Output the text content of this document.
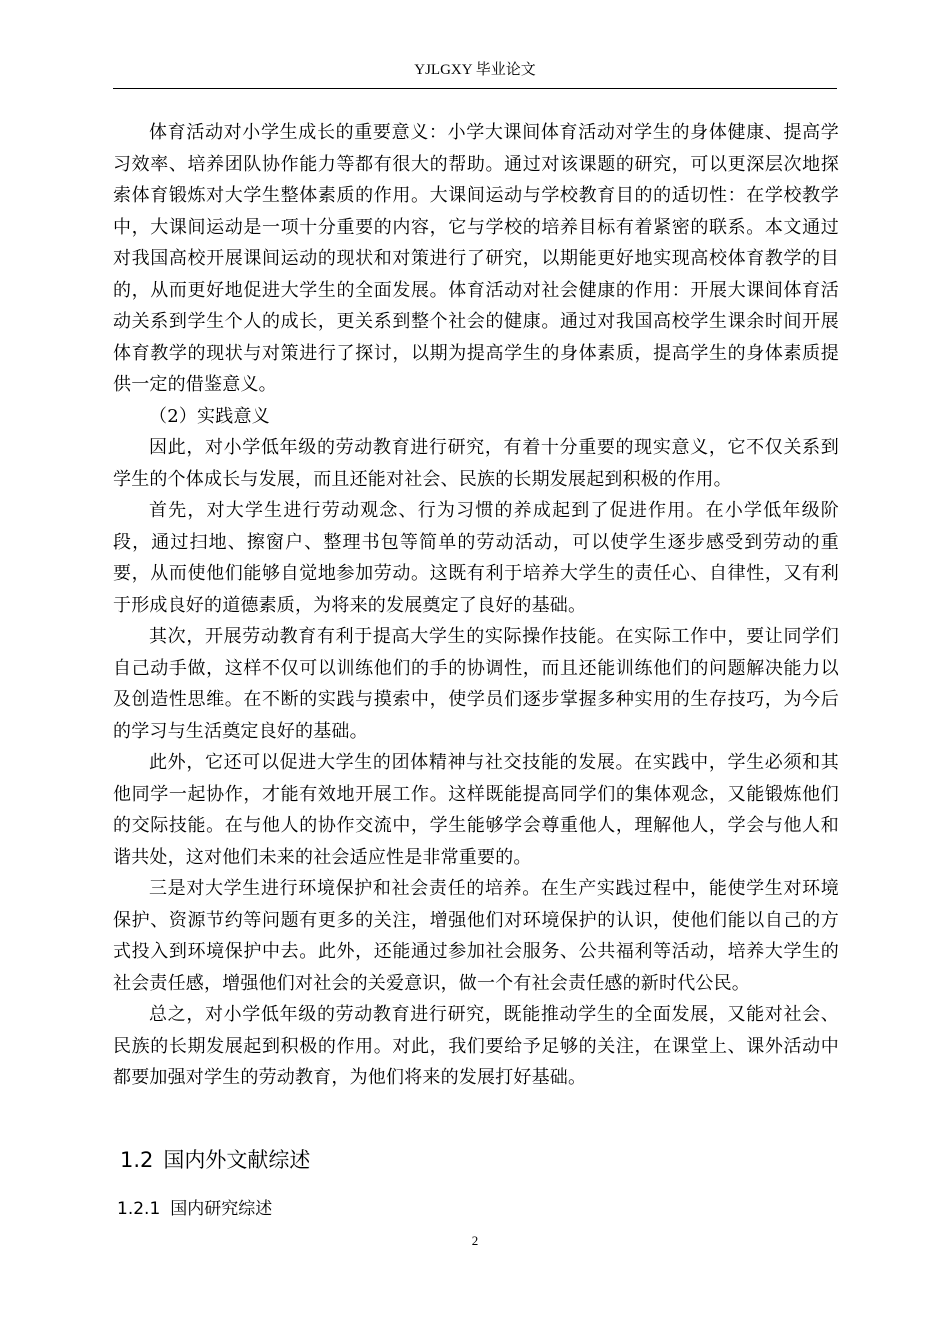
YJLGXY 毕业论文

体育活动对小学生成长的重要意义：小学大课间体育活动对学生的身体健康、提高学习效率、培养团队协作能力等都有很大的帮助。通过对该课题的研究，可以更深层次地探索体育锻炼对大学生整体素质的作用。大课间运动与学校教育目的的适切性：在学校教学中，大课间运动是一项十分重要的内容，它与学校的培养目标有着紧密的联系。本文通过对我国高校开展课间运动的现状和对策进行了研究，以期能更好地实现高校体育教学的目的，从而更好地促进大学生的全面发展。体育活动对社会健康的作用：开展大课间体育活动关系到学生个人的成长，更关系到整个社会的健康。通过对我国高校学生课余时间开展体育教学的现状与对策进行了探讨，以期为提高学生的身体素质，提高学生的身体素质提供一定的借鉴意义。

（2）实践意义

因此，对小学低年级的劳动教育进行研究，有着十分重要的现实意义，它不仅关系到学生的个体成长与发展，而且还能对社会、民族的长期发展起到积极的作用。

首先，对大学生进行劳动观念、行为习惯的养成起到了促进作用。在小学低年级阶段，通过扫地、擦窗户、整理书包等简单的劳动活动，可以使学生逐步感受到劳动的重要，从而使他们能够自觉地参加劳动。这既有利于培养大学生的责任心、自律性，又有利于形成良好的道德素质，为将来的发展奠定了良好的基础。

其次，开展劳动教育有利于提高大学生的实际操作技能。在实际工作中，要让同学们自己动手做，这样不仅可以训练他们的手的协调性，而且还能训练他们的问题解决能力以及创造性思维。在不断的实践与摸索中，使学员们逐步掌握多种实用的生存技巧，为今后的学习与生活奠定良好的基础。

此外，它还可以促进大学生的团体精神与社交技能的发展。在实践中，学生必须和其他同学一起协作，才能有效地开展工作。这样既能提高同学们的集体观念，又能锻炼他们的交际技能。在与他人的协作交流中，学生能够学会尊重他人，理解他人，学会与他人和谐共处，这对他们未来的社会适应性是非常重要的。

三是对大学生进行环境保护和社会责任的培养。在生产实践过程中，能使学生对环境保护、资源节约等问题有更多的关注，增强他们对环境保护的认识，使他们能以自己的方式投入到环境保护中去。此外，还能通过参加社会服务、公共福利等活动，培养大学生的社会责任感，增强他们对社会的关爱意识，做一个有社会责任感的新时代公民。

总之，对小学低年级的劳动教育进行研究，既能推动学生的全面发展，又能对社会、民族的长期发展起到积极的作用。对此，我们要给予足够的关注，在课堂上、课外活动中都要加强对学生的劳动教育，为他们将来的发展打好基础。

1.2 国内外文献综述
1.2.1 国内研究综述
2
